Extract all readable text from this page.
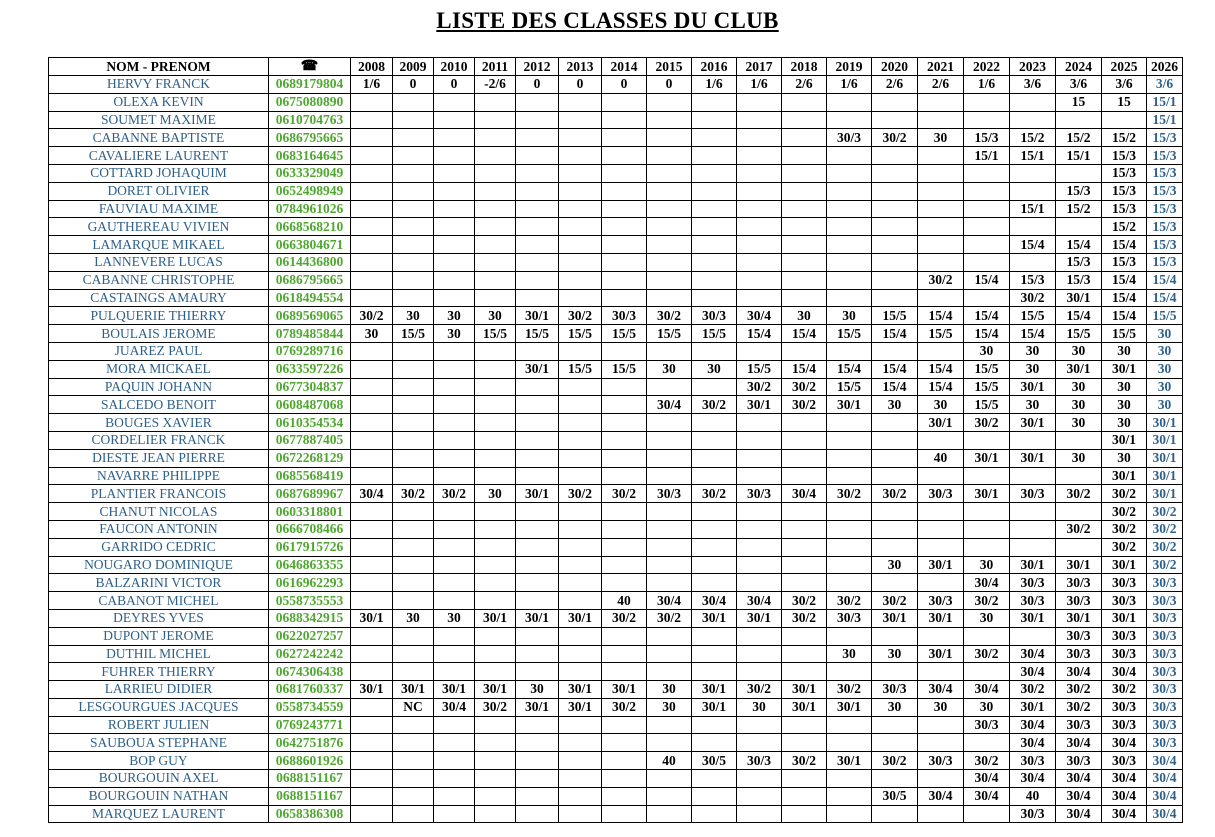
LISTE DES CLASSES DU CLUB
NOM - PRENOM	☎	2008	2009	2010	2011	2012	2013	2014	2015	2016	2017	2018	2019	2020	2021	2022	2023	2024	2025	2026
HERVY FRANCK	0689179804	1/6	0	0	-2/6	0	0	0	0	1/6	1/6	2/6	1/6	2/6	2/6	1/6	3/6	3/6	3/6	3/6
OLEXA KEVIN	0675080890																	15	15	15/1
SOUMET MAXIME	0610704763																			15/1
CABANNE BAPTISTE	0686795665												30/3	30/2	30	15/3	15/2	15/2	15/2	15/3
CAVALIERE LAURENT	0683164645															15/1	15/1	15/1	15/3	15/3
COTTARD JOHAQUIM	0633329049																		15/3	15/3
DORET OLIVIER	0652498949																	15/3	15/3	15/3
FAUVIAU MAXIME	0784961026																15/1	15/2	15/3	15/3
GAUTHEREAU VIVIEN	0668568210																		15/2	15/3
LAMARQUE MIKAEL	0663804671																15/4	15/4	15/4	15/3
LANNEVERE LUCAS	0614436800																	15/3	15/3	15/3
CABANNE CHRISTOPHE	0686795665														30/2	15/4	15/3	15/3	15/4	15/4
CASTAINGS AMAURY	0618494554																30/2	30/1	15/4	15/4
PULQUERIE THIERRY	0689569065	30/2	30	30	30	30/1	30/2	30/3	30/2	30/3	30/4	30	30	15/5	15/4	15/4	15/5	15/4	15/4	15/5
BOULAIS JEROME	0789485844	30	15/5	30	15/5	15/5	15/5	15/5	15/5	15/5	15/4	15/4	15/5	15/4	15/5	15/4	15/4	15/5	15/5	30
JUAREZ PAUL	0769289716															30	30	30	30	30
MORA MICKAEL	0633597226					30/1	15/5	15/5	30	30	15/5	15/4	15/4	15/4	15/4	15/5	30	30/1	30/1	30
PAQUIN JOHANN	0677304837										30/2	30/2	15/5	15/4	15/4	15/5	30/1	30	30	30
SALCEDO BENOIT	0608487068								30/4	30/2	30/1	30/2	30/1	30	30	15/5	30	30	30	30
BOUGES XAVIER	0610354534														30/1	30/2	30/1	30	30	30/1
CORDELIER FRANCK	0677887405																		30/1	30/1
DIESTE JEAN PIERRE	0672268129														40	30/1	30/1	30	30	30/1
NAVARRE PHILIPPE	0685568419																		30/1	30/1
PLANTIER FRANCOIS	0687689967	30/4	30/2	30/2	30	30/1	30/2	30/2	30/3	30/2	30/3	30/4	30/2	30/2	30/3	30/1	30/3	30/2	30/2	30/1
CHANUT NICOLAS	0603318801																		30/2	30/2
FAUCON ANTONIN	0666708466																	30/2	30/2	30/2
GARRIDO CEDRIC	0617915726																		30/2	30/2
NOUGARO DOMINIQUE	0646863355													30	30/1	30	30/1	30/1	30/1	30/2
BALZARINI VICTOR	0616962293															30/4	30/3	30/3	30/3	30/3
CABANOT MICHEL	0558735553							40	30/4	30/4	30/4	30/2	30/2	30/2	30/3	30/2	30/3	30/3	30/3	30/3
DEYRES YVES	0688342915	30/1	30	30	30/1	30/1	30/1	30/2	30/2	30/1	30/1	30/2	30/3	30/1	30/1	30	30/1	30/1	30/1	30/3
DUPONT JEROME	0622027257																	30/3	30/3	30/3
DUTHIL MICHEL	0627242242												30	30	30/1	30/2	30/4	30/3	30/3	30/3
FUHRER THIERRY	0674306438																30/4	30/4	30/4	30/3
LARRIEU DIDIER	0681760337	30/1	30/1	30/1	30/1	30	30/1	30/1	30	30/1	30/2	30/1	30/2	30/3	30/4	30/4	30/2	30/2	30/2	30/3
LESGOURGUES JACQUES	0558734559		NC	30/4	30/2	30/1	30/1	30/2	30	30/1	30	30/1	30/1	30	30	30	30/1	30/2	30/3	30/3
ROBERT JULIEN	0769243771															30/3	30/4	30/3	30/3	30/3
SAUBOUA STEPHANE	0642751876																30/4	30/4	30/4	30/3
BOP GUY	0688601926								40	30/5	30/3	30/2	30/1	30/2	30/3	30/2	30/3	30/3	30/3	30/4
BOURGOUIN AXEL	0688151167															30/4	30/4	30/4	30/4	30/4
BOURGOUIN NATHAN	0688151167													30/5	30/4	30/4	40	30/4	30/4	30/4
MARQUEZ LAURENT	0658386308																30/3	30/4	30/4	30/4
